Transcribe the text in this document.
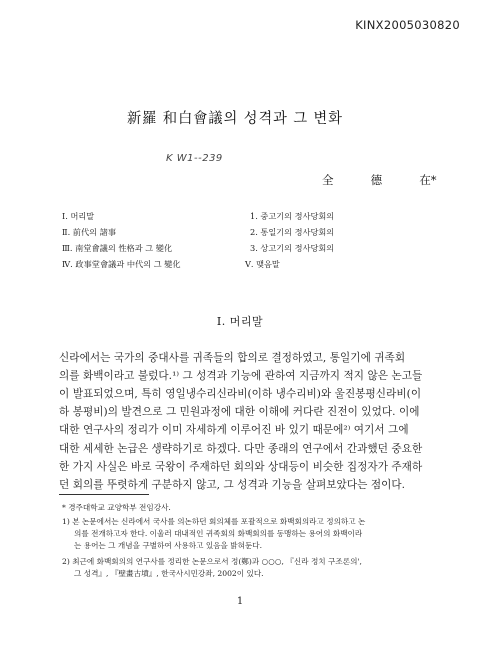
KINX2005030820
新羅 和白會議의 성격과 그 변화
K W1--239
全	德	在*
Ⅰ. 머리말
Ⅱ. 前代의 諸事
Ⅲ. 南堂會議의 性格과 그 變化
Ⅳ. 政事堂會議과 中代의 그 變化
1. 중고기의 정사당회의
2. 통일기의 정사당회의
3. 상고기의 정사당회의
Ⅴ. 맺음말
Ⅰ. 머리말
신라에서는 국가의 중대사를 귀족들의 합의로 결정하였고, 통일기에 귀족회
의를 화백이라고 불렀다.¹⁾ 그 성격과 기능에 관하여 지금까지 적지 않은 논고들
이 발표되었으며, 특히 영일냉수리신라비(이하 냉수리비)와 울진봉평신라비(이
하 봉평비)의 발견으로 그 민원과정에 대한 이해에 커다란 진전이 있었다. 이에
대한 연구사의 정리가 이미 자세하게 이루어진 바 있기 때문에²⁾ 여기서 그에
대한 세세한 논급은 생략하기로 하겠다. 다만 종래의 연구에서 간과했던 중요한
한 가지 사실은 바로 국왕이 주재하던 회의와 상대등이 비슷한 집정자가 주재하
던 회의를 뚜렷하게 구분하지 않고, 그 성격과 기능을 살펴보았다는 점이다.
* 경주대학교 교양학부 전임강사.
1) 본 논문에서는 신라에서 국사를 의논하던 회의체를 포괄적으로 화백회의라고 정의하고 논
의를 전개하고자 한다. 이울러 대내적인 귀족회의 화백회의를 동맹하는 용어의 화백이라
는 용어는 그 개념을 구별하여 사용하고 있음을 밝혀둔다.
2) 최근에 화백회의의 연구사를 정리한 논문으로서 정(鄭)과 ○○○, 『신라 정치 구조론의',
그 성격』, 『壁畫古墳』, 한국사시민강좌, 2002이 있다.
1
